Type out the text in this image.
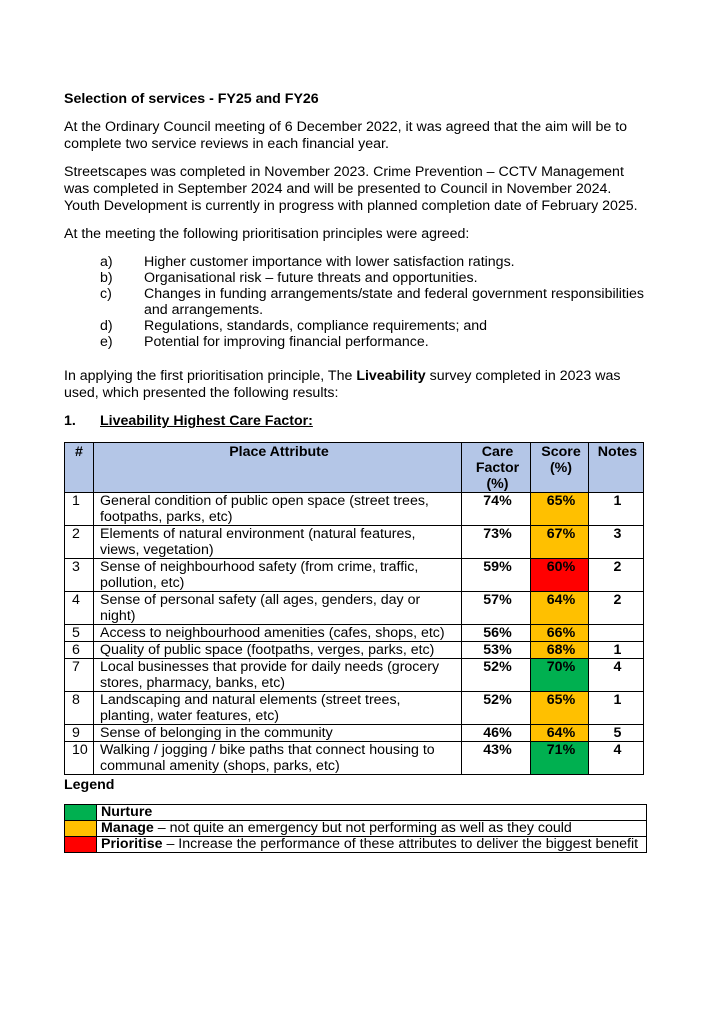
Selection of services - FY25 and FY26

At the Ordinary Council meeting of 6 December 2022, it was agreed that the aim will be to complete two service reviews in each financial year.

Streetscapes was completed in November 2023. Crime Prevention – CCTV Management was completed in September 2024 and will be presented to Council in November 2024. Youth Development is currently in progress with planned completion date of February 2025.

At the meeting the following prioritisation principles were agreed:

a)	Higher customer importance with lower satisfaction ratings.
b)	Organisational risk – future threats and opportunities.
c)	Changes in funding arrangements/state and federal government responsibilities and arrangements.
d)	Regulations, standards, compliance requirements; and
e)	Potential for improving financial performance.

In applying the first prioritisation principle, The Liveability survey completed in 2023 was used, which presented the following results:

1.	Liveability Highest Care Factor:
#	Place Attribute	Care Factor (%)	Score (%)	Notes
1	General condition of public open space (street trees, footpaths, parks, etc)	74%	65%	1
2	Elements of natural environment (natural features, views, vegetation)	73%	67%	3
3	Sense of neighbourhood safety (from crime, traffic, pollution, etc)	59%	60%	2
4	Sense of personal safety (all ages, genders, day or night)	57%	64%	2
5	Access to neighbourhood amenities (cafes, shops, etc)	56%	66%	
6	Quality of public space (footpaths, verges, parks, etc)	53%	68%	1
7	Local businesses that provide for daily needs (grocery stores, pharmacy, banks, etc)	52%	70%	4
8	Landscaping and natural elements (street trees, planting, water features, etc)	52%	65%	1
9	Sense of belonging in the community	46%	64%	5
10	Walking / jogging / bike paths that connect housing to communal amenity (shops, parks, etc)	43%	71%	4
Legend
	Nurture
	Manage – not quite an emergency but not performing as well as they could
	Prioritise – Increase the performance of these attributes to deliver the biggest benefit
